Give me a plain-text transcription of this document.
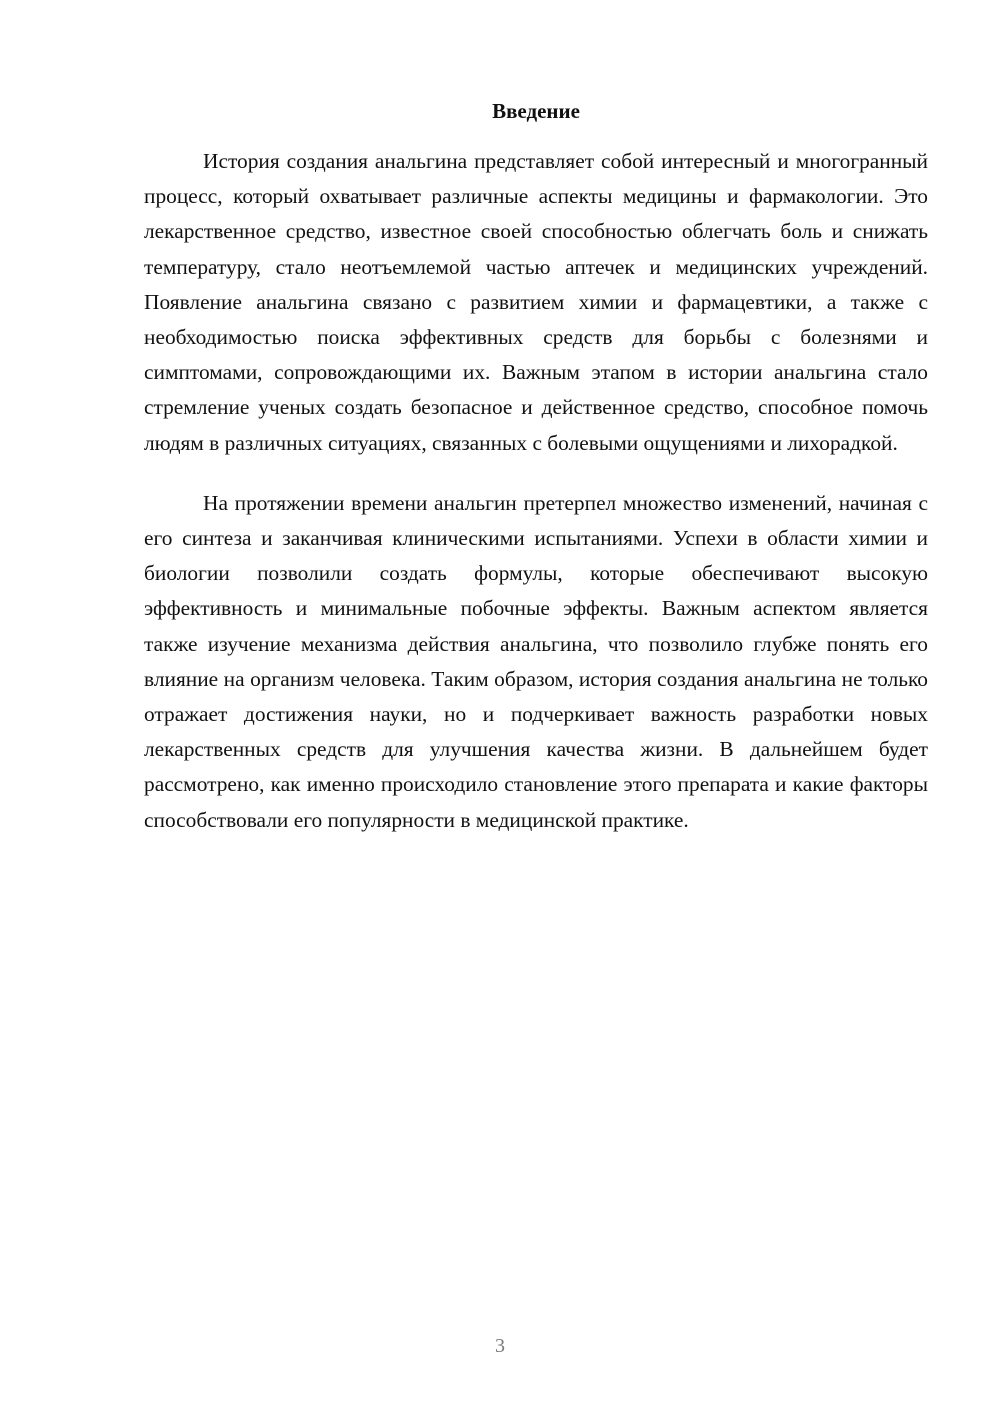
Введение

История создания анальгина представляет собой интересный и многогранный процесс, который охватывает различные аспекты медицины и фармакологии. Это лекарственное средство, известное своей способностью облегчать боль и снижать температуру, стало неотъемлемой частью аптечек и медицинских учреждений. Появление анальгина связано с развитием химии и фармацевтики, а также с необходимостью поиска эффективных средств для борьбы с болезнями и симптомами, сопровождающими их. Важным этапом в истории анальгина стало стремление ученых создать безопасное и действенное средство, способное помочь людям в различных ситуациях, связанных с болевыми ощущениями и лихорадкой.

На протяжении времени анальгин претерпел множество изменений, начиная с его синтеза и заканчивая клиническими испытаниями. Успехи в области химии и биологии позволили создать формулы, которые обеспечивают высокую эффективность и минимальные побочные эффекты. Важным аспектом является также изучение механизма действия анальгина, что позволило глубже понять его влияние на организм человека. Таким образом, история создания анальгина не только отражает достижения науки, но и подчеркивает важность разработки новых лекарственных средств для улучшения качества жизни. В дальнейшем будет рассмотрено, как именно происходило становление этого препарата и какие факторы способствовали его популярности в медицинской практике.

3
